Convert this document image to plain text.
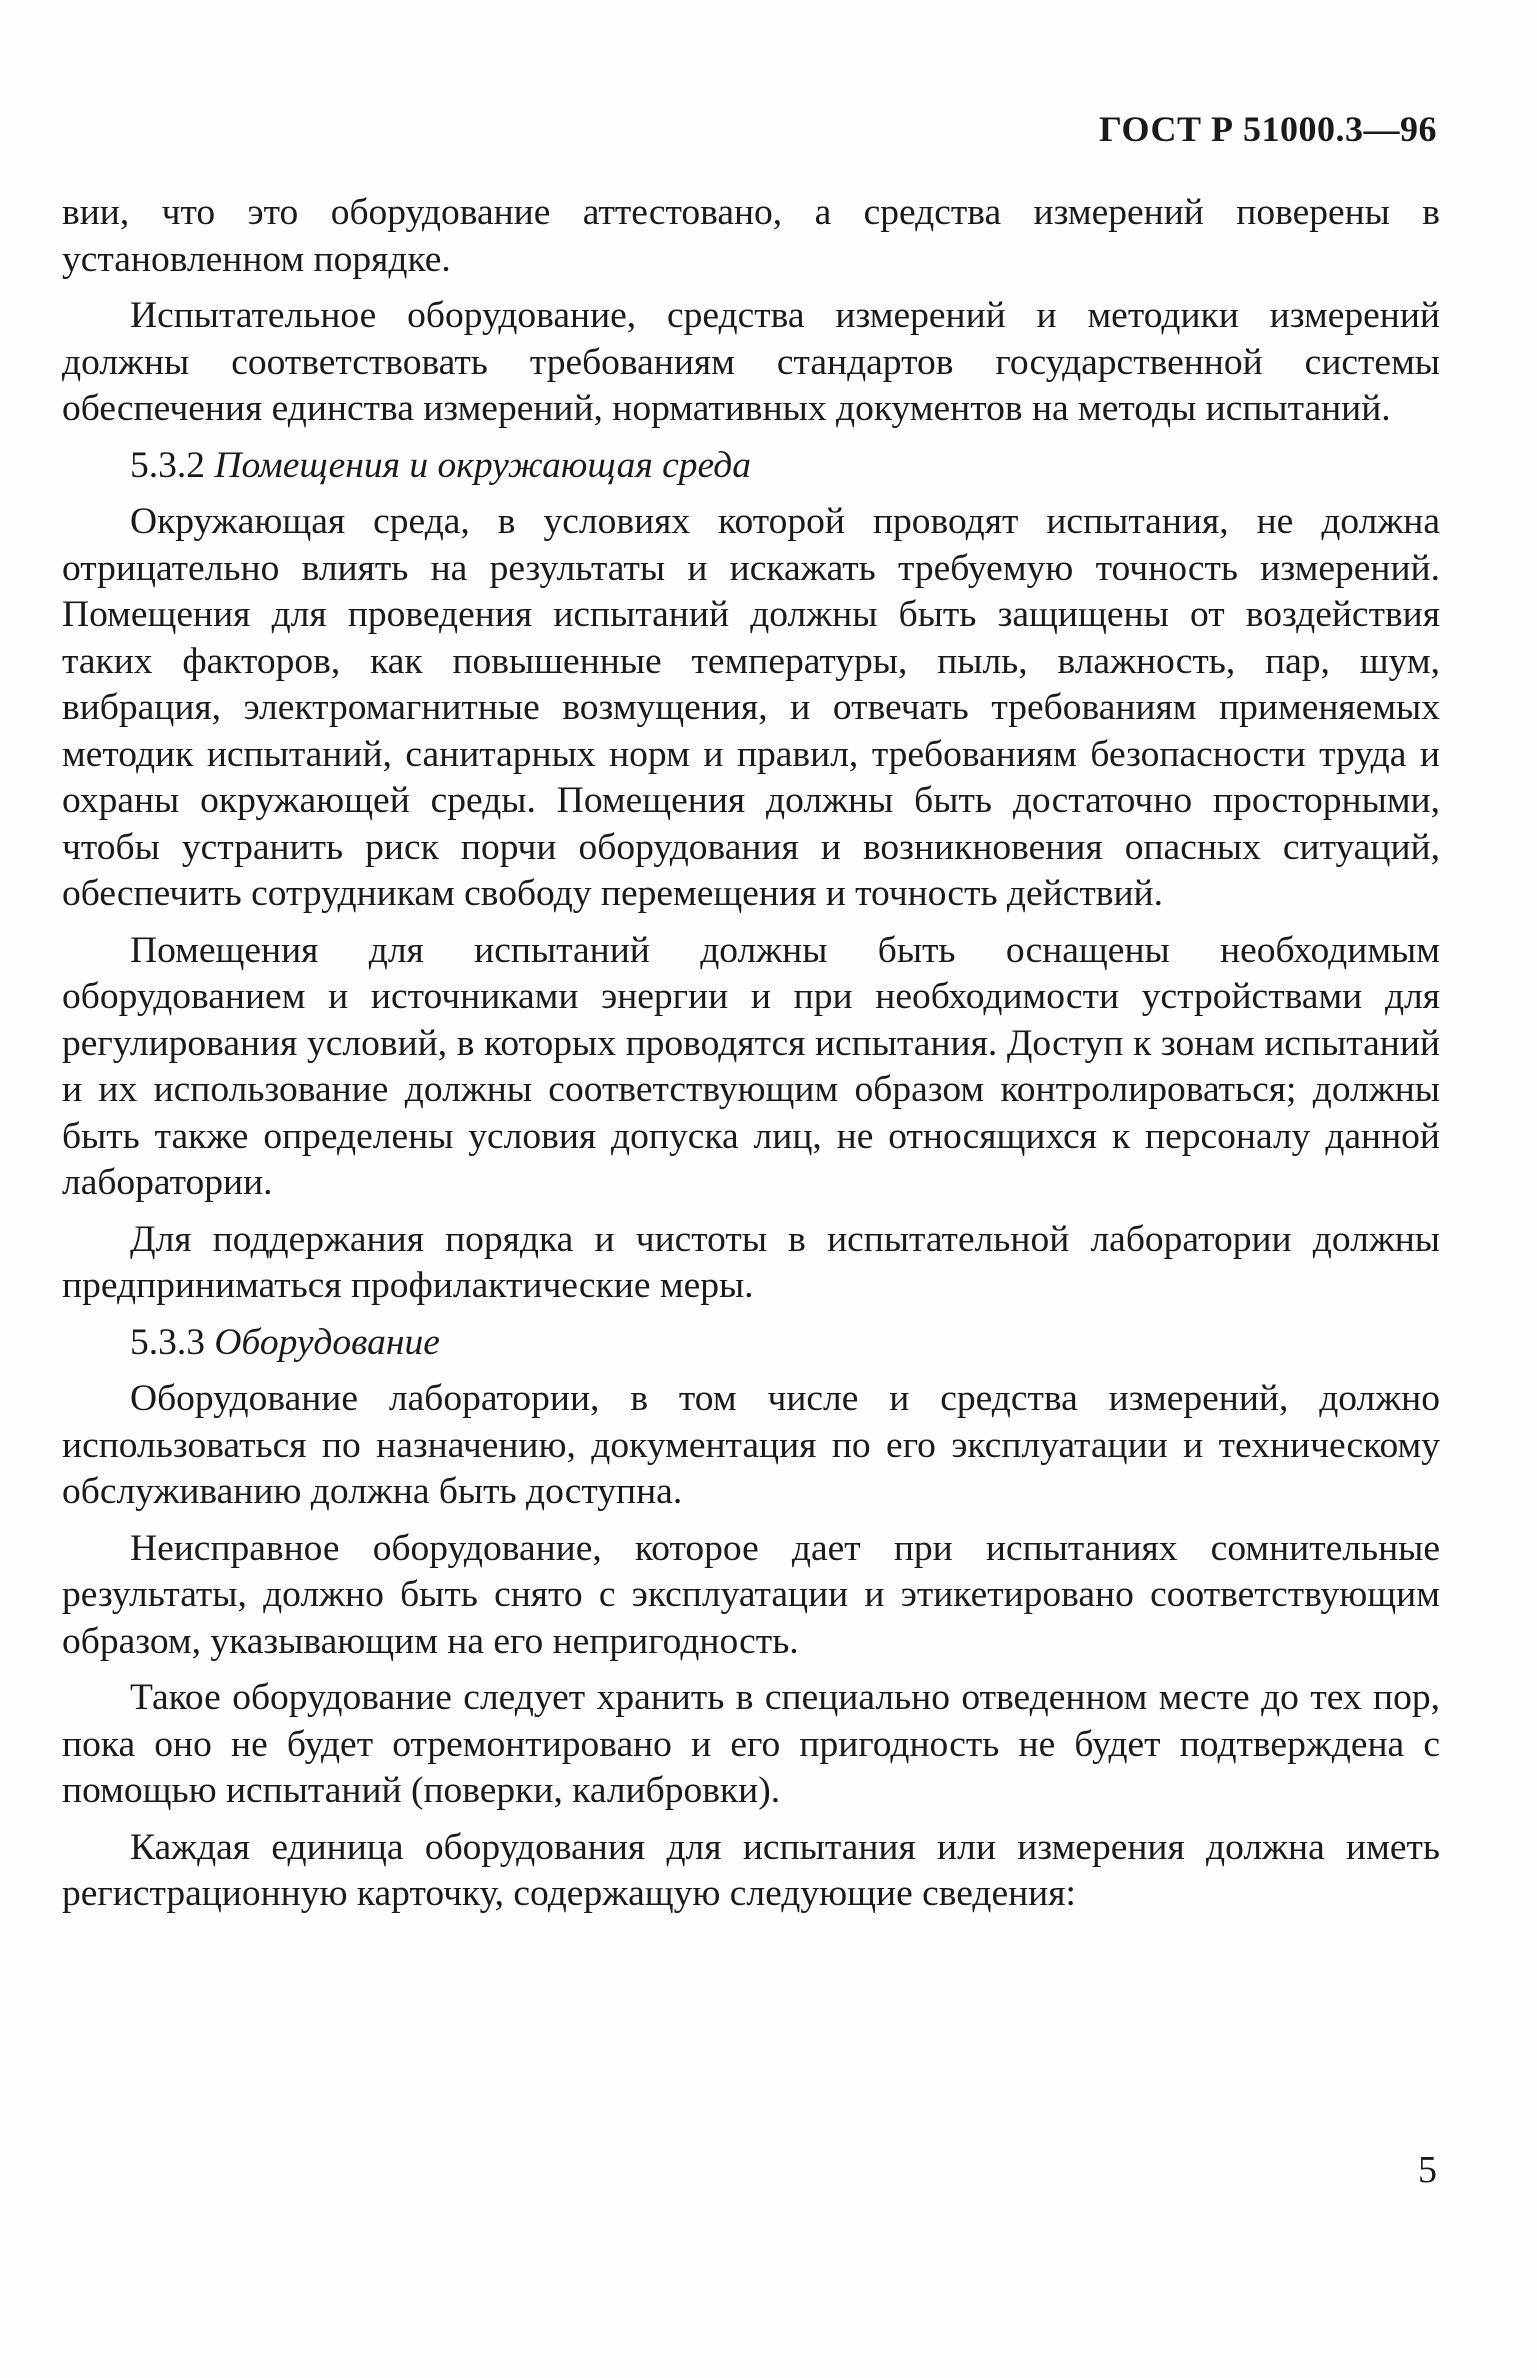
ГОСТ Р 51000.3—96

вии, что это оборудование аттестовано, а средства измерений поверены в установленном порядке.

Испытательное оборудование, средства измерений и методики измерений должны соответствовать требованиям стандартов государственной системы обеспечения единства измерений, нормативных документов на методы испытаний.

5.3.2 Помещения и окружающая среда

Окружающая среда, в условиях которой проводят испытания, не должна отрицательно влиять на результаты и искажать требуемую точность измерений. Помещения для проведения испытаний должны быть защищены от воздействия таких факторов, как повышенные температуры, пыль, влажность, пар, шум, вибрация, электромагнитные возмущения, и отвечать требованиям применяемых методик испытаний, санитарных норм и правил, требованиям безопасности труда и охраны окружающей среды. Помещения должны быть достаточно просторными, чтобы устранить риск порчи оборудования и возникновения опасных ситуаций, обеспечить сотрудникам свободу перемещения и точность действий.

Помещения для испытаний должны быть оснащены необходимым оборудованием и источниками энергии и при необходимости устройствами для регулирования условий, в которых проводятся испытания. Доступ к зонам испытаний и их использование должны соответствующим образом контролироваться; должны быть также определены условия допуска лиц, не относящихся к персоналу данной лаборатории.

Для поддержания порядка и чистоты в испытательной лаборатории должны предприниматься профилактические меры.

5.3.3 Оборудование

Оборудование лаборатории, в том числе и средства измерений, должно использоваться по назначению, документация по его эксплуатации и техническому обслуживанию должна быть доступна.

Неисправное оборудование, которое дает при испытаниях сомнительные результаты, должно быть снято с эксплуатации и этикетировано соответствующим образом, указывающим на его непригодность.

Такое оборудование следует хранить в специально отведенном месте до тех пор, пока оно не будет отремонтировано и его пригодность не будет подтверждена с помощью испытаний (поверки, калибровки).

Каждая единица оборудования для испытания или измерения должна иметь регистрационную карточку, содержащую следующие сведения:

5
